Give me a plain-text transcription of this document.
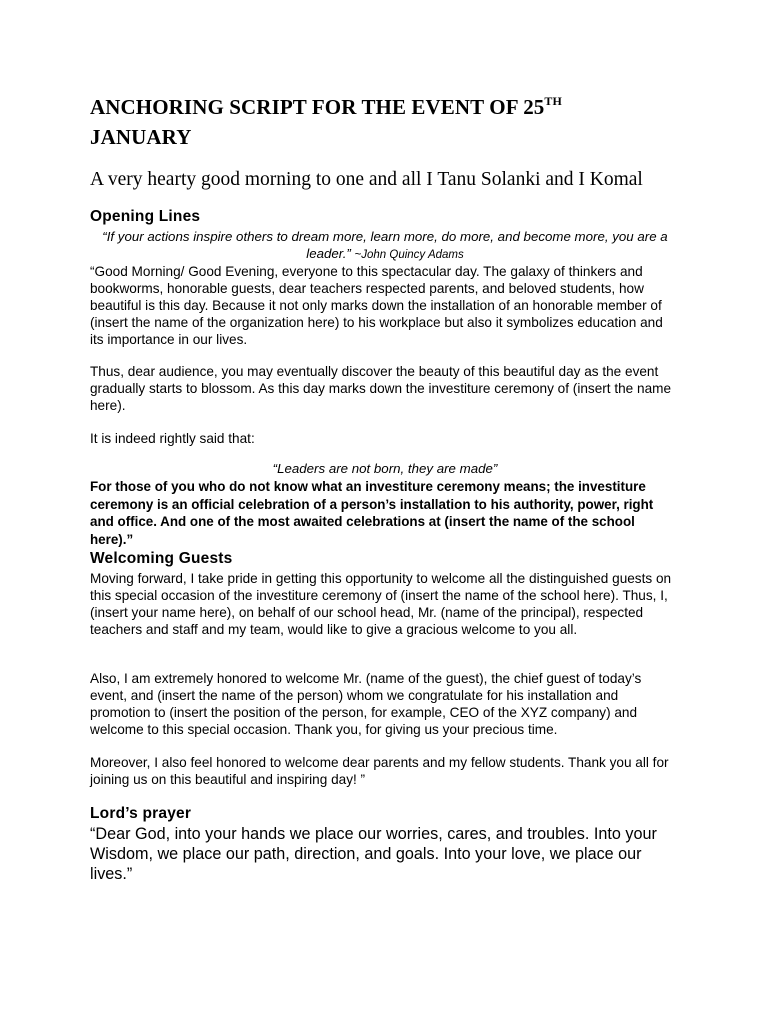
ANCHORING SCRIPT FOR THE EVENT OF 25TH
JANUARY

A very hearty good morning to one and all I Tanu Solanki and I Komal

Opening Lines

“If your actions inspire others to dream more, learn more, do more, and become more, you are a leader.” ~John Quincy Adams

“Good Morning/ Good Evening, everyone to this spectacular day. The galaxy of thinkers and bookworms, honorable guests, dear teachers respected parents, and beloved students, how beautiful is this day. Because it not only marks down the installation of an honorable member of (insert the name of the organization here) to his workplace but also it symbolizes education and its importance in our lives.

Thus, dear audience, you may eventually discover the beauty of this beautiful day as the event gradually starts to blossom. As this day marks down the investiture ceremony of (insert the name here).

It is indeed rightly said that:

“Leaders are not born, they are made”

For those of you who do not know what an investiture ceremony means; the investiture ceremony is an official celebration of a person’s installation to his authority, power, right and office. And one of the most awaited celebrations at (insert the name of the school here).”

Welcoming Guests

Moving forward, I take pride in getting this opportunity to welcome all the distinguished guests on this special occasion of the investiture ceremony of (insert the name of the school here). Thus, I, (insert your name here), on behalf of our school head, Mr. (name of the principal), respected teachers and staff and my team, would like to give a gracious welcome to you all.

Also, I am extremely honored to welcome Mr. (name of the guest), the chief guest of today’s event, and (insert the name of the person) whom we congratulate for his installation and promotion to (insert the position of the person, for example, CEO of the XYZ company) and welcome to this special occasion. Thank you, for giving us your precious time.

Moreover, I also feel honored to welcome dear parents and my fellow students. Thank you all for joining us on this beautiful and inspiring day! ”

Lord’s prayer

“Dear God, into your hands we place our worries, cares, and troubles. Into your Wisdom, we place our path, direction, and goals. Into your love, we place our lives.”
